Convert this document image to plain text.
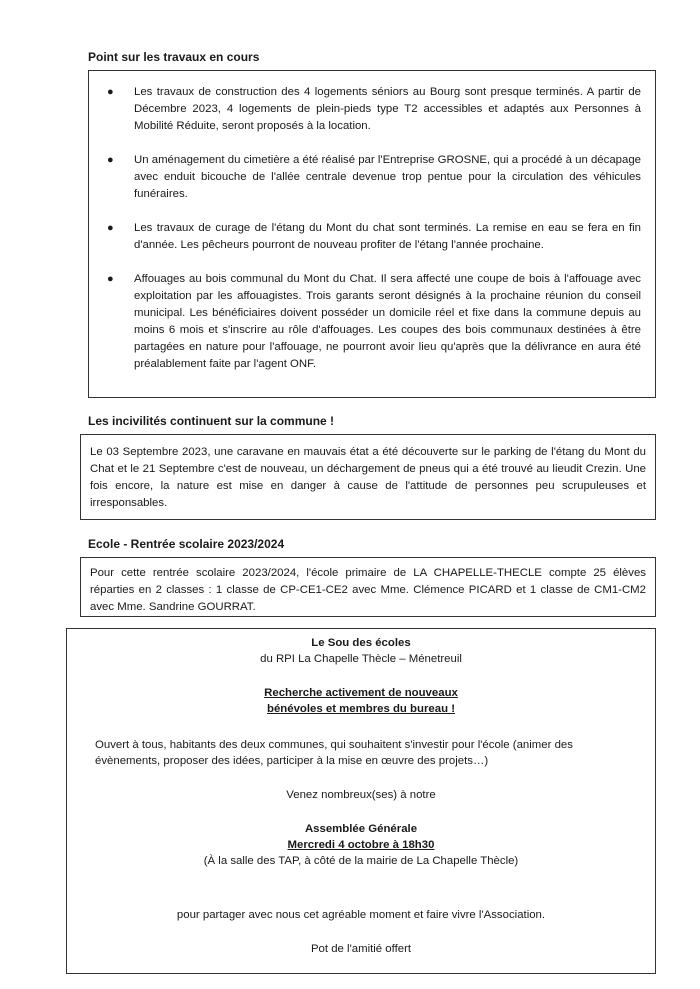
Point sur les travaux en cours

● Les travaux de construction des 4 logements séniors au Bourg sont presque terminés. A partir de Décembre 2023, 4 logements de plein-pieds type T2 accessibles et adaptés aux Personnes à Mobilité Réduite, seront proposés à la location.
● Un aménagement du cimetière a été réalisé par l'Entreprise GROSNE, qui a procédé à un décapage avec enduit bicouche de l'allée centrale devenue trop pentue pour la circulation des véhicules funéraires.
● Les travaux de curage de l'étang du Mont du chat sont terminés. La remise en eau se fera en fin d'année. Les pêcheurs pourront de nouveau profiter de l'étang l'année prochaine.
● Affouages au bois communal du Mont du Chat. Il sera affecté une coupe de bois à l'affouage avec exploitation par les affouagistes. Trois garants seront désignés à la prochaine réunion du conseil municipal. Les bénéficiaires doivent posséder un domicile réel et fixe dans la commune depuis au moins 6 mois et s'inscrire au rôle d'affouages. Les coupes des bois communaux destinées à être partagées en nature pour l'affouage, ne pourront avoir lieu qu'après que la délivrance en aura été préalablement faite par l'agent ONF.

Les incivilités continuent sur la commune !

Le 03 Septembre 2023, une caravane en mauvais état a été découverte sur le parking de l'étang du Mont du Chat et le 21 Septembre c'est de nouveau, un déchargement de pneus qui a été trouvé au lieudit Crezin. Une fois encore, la nature est mise en danger à cause de l'attitude de personnes peu scrupuleuses et irresponsables.

Ecole - Rentrée scolaire 2023/2024

Pour cette rentrée scolaire 2023/2024, l'école primaire de LA CHAPELLE-THECLE compte 25 élèves réparties en 2 classes : 1 classe de CP-CE1-CE2 avec Mme. Clémence PICARD et 1 classe de CM1-CM2 avec Mme. Sandrine GOURRAT.

Le Sou des écoles
du RPI La Chapelle Thècle – Ménetreuil
Recherche activement de nouveaux
bénévoles et membres du bureau !
Ouvert à tous, habitants des deux communes, qui souhaitent s'investir pour l'école (animer des évènements, proposer des idées, participer à la mise en œuvre des projets…)
Venez nombreux(ses) à notre
Assemblée Générale
Mercredi 4 octobre à 18h30
(À la salle des TAP, à côté de la mairie de La Chapelle Thècle)
pour partager avec nous cet agréable moment et faire vivre l'Association.
Pot de l'amitié offert
